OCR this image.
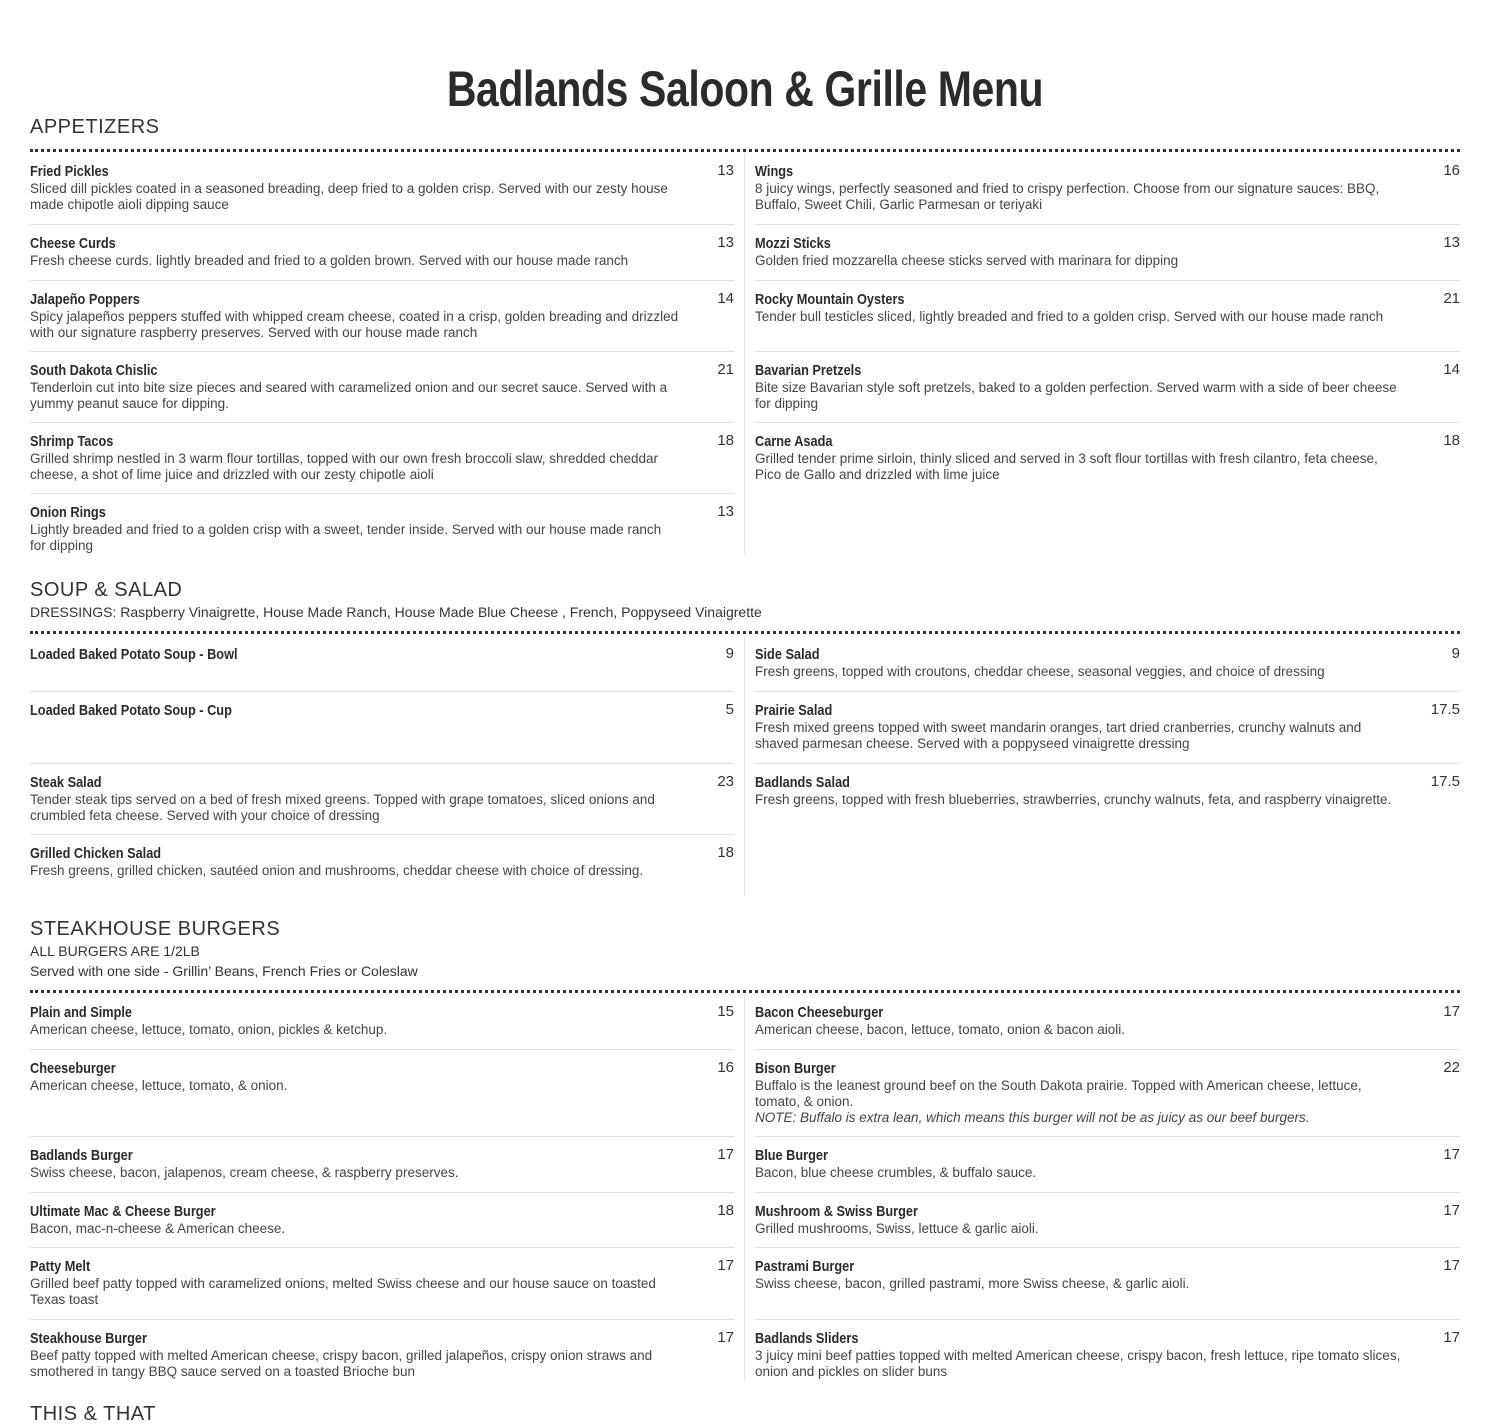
Badlands Saloon & Grille Menu
APPETIZERS
Fried Pickles	13
Sliced dill pickles coated in a seasoned breading, deep fried to a golden crisp. Served with our zesty house made chipotle aioli dipping sauce
Cheese Curds	13
Fresh cheese curds. lightly breaded and fried to a golden brown. Served with our house made ranch
Jalapeño Poppers	14
Spicy jalapeños peppers stuffed with whipped cream cheese, coated in a crisp, golden breading and drizzled with our signature raspberry preserves. Served with our house made ranch
South Dakota Chislic	21
Tenderloin cut into bite size pieces and seared with caramelized onion and our secret sauce. Served with a yummy peanut sauce for dipping.
Shrimp Tacos	18
Grilled shrimp nestled in 3 warm flour tortillas, topped with our own fresh broccoli slaw, shredded cheddar cheese, a shot of lime juice and drizzled with our zesty chipotle aioli
Onion Rings	13
Lightly breaded and fried to a golden crisp with a sweet, tender inside. Served with our house made ranch for dipping
Wings	16
8 juicy wings, perfectly seasoned and fried to crispy perfection. Choose from our signature sauces: BBQ, Buffalo, Sweet Chili, Garlic Parmesan or teriyaki
Mozzi Sticks	13
Golden fried mozzarella cheese sticks served with marinara for dipping
Rocky Mountain Oysters	21
Tender bull testicles sliced, lightly breaded and fried to a golden crisp. Served with our house made ranch
Bavarian Pretzels	14
Bite size Bavarian style soft pretzels, baked to a golden perfection. Served warm with a side of beer cheese for dipping
Carne Asada	18
Grilled tender prime sirloin, thinly sliced and served in 3 soft flour tortillas with fresh cilantro, feta cheese, Pico de Gallo and drizzled with lime juice
SOUP & SALAD

DRESSINGS: Raspberry Vinaigrette, House Made Ranch, House Made Blue Cheese , French, Poppyseed Vinaigrette

Loaded Baked Potato Soup - Bowl	9
Loaded Baked Potato Soup - Cup	5
Steak Salad	23
Tender steak tips served on a bed of fresh mixed greens. Topped with grape tomatoes, sliced onions and crumbled feta cheese. Served with your choice of dressing
Grilled Chicken Salad	18
Fresh greens, grilled chicken, sautéed onion and mushrooms, cheddar cheese with choice of dressing.
Side Salad	9
Fresh greens, topped with croutons, cheddar cheese, seasonal veggies, and choice of dressing
Prairie Salad	17.5
Fresh mixed greens topped with sweet mandarin oranges, tart dried cranberries, crunchy walnuts and shaved parmesan cheese. Served with a poppyseed vinaigrette dressing
Badlands Salad	17.5
Fresh greens, topped with fresh blueberries, strawberries, crunchy walnuts, feta, and raspberry vinaigrette.
STEAKHOUSE BURGERS

ALL BURGERS ARE 1/2LB

Served with one side - Grillin’ Beans, French Fries or Coleslaw

Plain and Simple	15
American cheese, lettuce, tomato, onion, pickles & ketchup.
Cheeseburger	16
American cheese, lettuce, tomato, & onion.
Badlands Burger	17
Swiss cheese, bacon, jalapenos, cream cheese, & raspberry preserves.
Ultimate Mac & Cheese Burger	18
Bacon, mac-n-cheese & American cheese.
Patty Melt	17
Grilled beef patty topped with caramelized onions, melted Swiss cheese and our house sauce on toasted Texas toast
Steakhouse Burger	17
Beef patty topped with melted American cheese, crispy bacon, grilled jalapeños, crispy onion straws and smothered in tangy BBQ sauce served on a toasted Brioche bun
Bacon Cheeseburger	17
American cheese, bacon, lettuce, tomato, onion & bacon aioli.
Bison Burger	22
Buffalo is the leanest ground beef on the South Dakota prairie. Topped with American cheese, lettuce, tomato, & onion.
NOTE: Buffalo is extra lean, which means this burger will not be as juicy as our beef burgers.
Blue Burger	17
Bacon, blue cheese crumbles, & buffalo sauce.
Mushroom & Swiss Burger	17
Grilled mushrooms, Swiss, lettuce & garlic aioli.
Pastrami Burger	17
Swiss cheese, bacon, grilled pastrami, more Swiss cheese, & garlic aioli.
Badlands Sliders	17
3 juicy mini beef patties topped with melted American cheese, crispy bacon, fresh lettuce, ripe tomato slices, onion and pickles on slider buns
THIS & THAT
